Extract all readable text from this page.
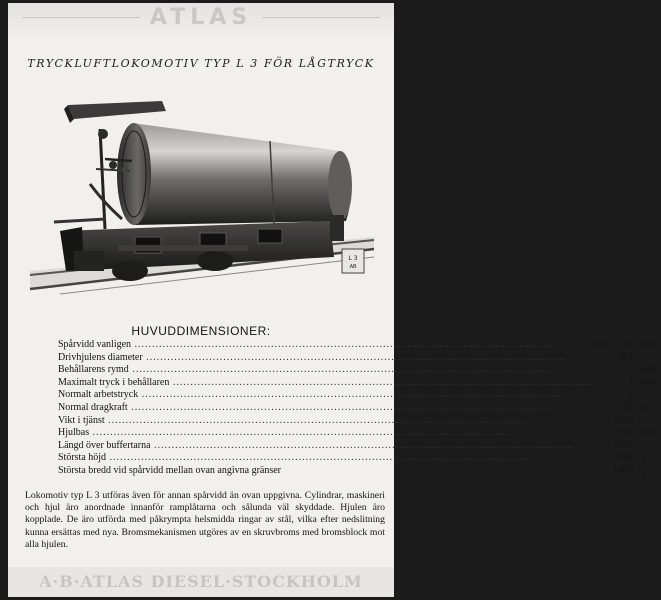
ATLAS
TRYCKLUFTLOKOMOTIV TYP L 3 FÖR LÅGTRYCK
L 3
AB
HUVUDDIMENSIONER:
Spårvidd vanligen ........................................................................................................................	600—750	mm.
Drivhjulens diameter ........................................................................................................................	454	„
Behållarens rymd ........................................................................................................................	4,5	kbm.
Maximalt tryck i behållaren ........................................................................................................................	7	atm.
Normalt arbetstryck ........................................................................................................................	3	„
Normal dragkraft ........................................................................................................................	215	kg.
Vikt i tjänst ........................................................................................................................	3200	„
Hjulbas ........................................................................................................................	950	mm.
Längd över buffertarna ........................................................................................................................	4225	„
Största höjd ........................................................................................................................	1980	„
Största bredd vid spårvidd mellan ovan angivna gränser	1400	„

Lokomotiv typ L 3 utföras även för annan spårvidd än ovan uppgivna. Cylindrar, maskineri och hjul äro anordnade innanför ramplåtarna och sålunda väl skyddade. Hjulen äro kopplade. De äro utförda med påkrympta helsmidda ringar av stål, vilka efter nedslitning kunna ersättas med nya. Bromsmekanismen utgöres av en skruvbroms med bromsblock mot alla hjulen.

A·B·ATLAS DIESEL·STOCKHOLM
